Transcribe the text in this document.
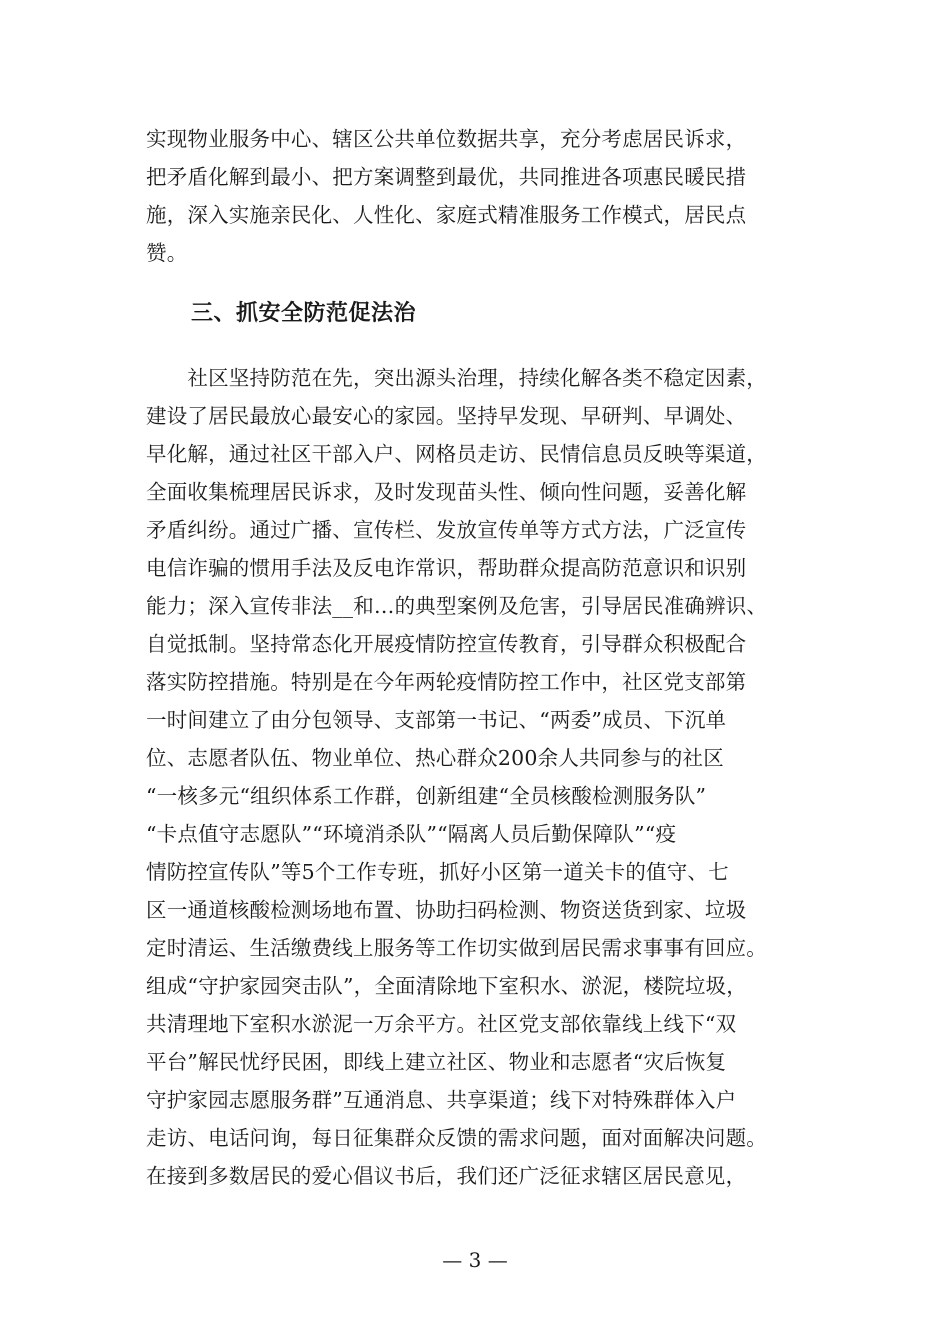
实现物业服务中心、辖区公共单位数据共享，充分考虑居民诉求，
把矛盾化解到最小、把方案调整到最优，共同推进各项惠民暖民措
施，深入实施亲民化、人性化、家庭式精准服务工作模式，居民点
赞。
三、抓安全防范促法治
　　社区坚持防范在先，突出源头治理，持续化解各类不稳定因素，
建设了居民最放心最安心的家园。坚持早发现、早研判、早调处、
早化解，通过社区干部入户、网格员走访、民情信息员反映等渠道，
全面收集梳理居民诉求，及时发现苗头性、倾向性问题，妥善化解
矛盾纠纷。通过广播、宣传栏、发放宣传单等方式方法，广泛宣传
电信诈骗的惯用手法及反电诈常识，帮助群众提高防范意识和识别
能力；深入宣传非法__和…的典型案例及危害，引导居民准确辨识、
自觉抵制。坚持常态化开展疫情防控宣传教育，引导群众积极配合
落实防控措施。特别是在今年两轮疫情防控工作中，社区党支部第
一时间建立了由分包领导、支部第一书记、“两委”成员、下沉单
位、志愿者队伍、物业单位、热心群众200余人共同参与的社区
“一核多元“组织体系工作群，创新组建“全员核酸检测服务队”
“卡点值守志愿队”“环境消杀队”“隔离人员后勤保障队”“疫
情防控宣传队”等5个工作专班，抓好小区第一道关卡的值守、七
区一通道核酸检测场地布置、协助扫码检测、物资送货到家、垃圾
定时清运、生活缴费线上服务等工作切实做到居民需求事事有回应。
组成“守护家园突击队”，全面清除地下室积水、淤泥，楼院垃圾，
共清理地下室积水淤泥一万余平方。社区党支部依靠线上线下“双
平台”解民忧纾民困，即线上建立社区、物业和志愿者“灾后恢复
守护家园志愿服务群”互通消息、共享渠道；线下对特殊群体入户
走访、电话问询，每日征集群众反馈的需求问题，面对面解决问题。
在接到多数居民的爱心倡议书后，我们还广泛征求辖区居民意见，
— 3 —
